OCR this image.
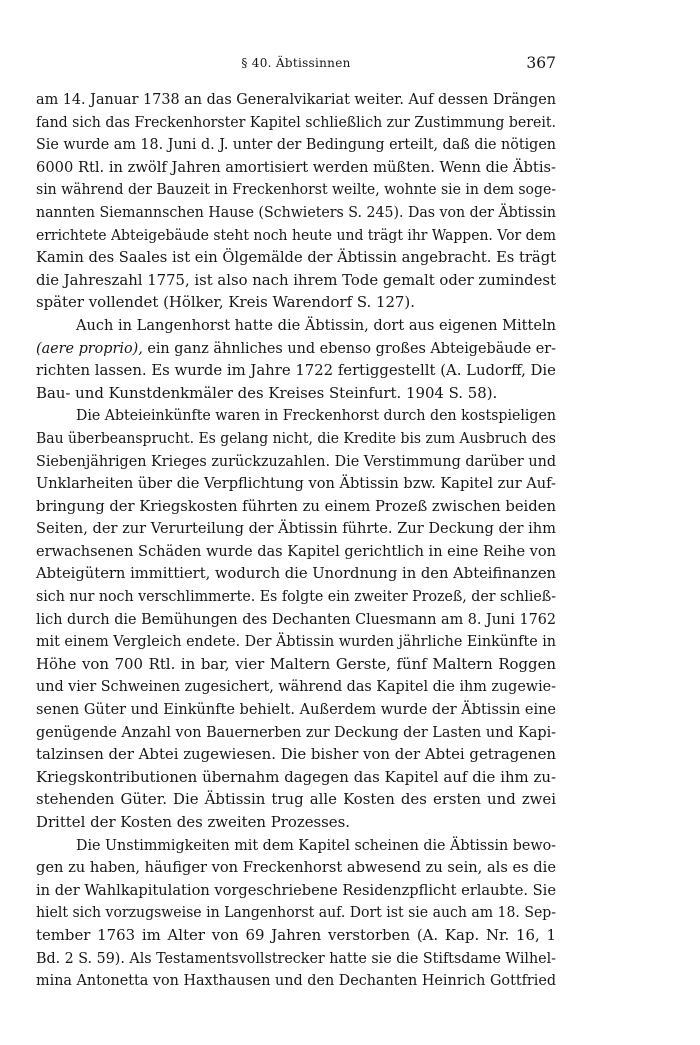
§ 40. Äbtissinnen	367
am 14. Januar 1738 an das Generalvikariat weiter. Auf dessen Drängen
fand sich das Freckenhorster Kapitel schließlich zur Zustimmung bereit.
Sie wurde am 18. Juni d. J. unter der Bedingung erteilt, daß die nötigen
6000 Rtl. in zwölf Jahren amortisiert werden müßten. Wenn die Äbtis-
sin während der Bauzeit in Freckenhorst weilte, wohnte sie in dem soge-
nannten Siemannschen Hause (Schwieters S. 245). Das von der Äbtissin
errichtete Abteigebäude steht noch heute und trägt ihr Wappen. Vor dem
Kamin des Saales ist ein Ölgemälde der Äbtissin angebracht. Es trägt
die Jahreszahl 1775, ist also nach ihrem Tode gemalt oder zumindest
später vollendet (Hölker, Kreis Warendorf S. 127).
Auch in Langenhorst hatte die Äbtissin, dort aus eigenen Mitteln
(aere proprio), ein ganz ähnliches und ebenso großes Abteigebäude er-
richten lassen. Es wurde im Jahre 1722 fertiggestellt (A. Ludorff, Die
Bau- und Kunstdenkmäler des Kreises Steinfurt. 1904 S. 58).
Die Abteieinkünfte waren in Freckenhorst durch den kostspieligen
Bau überbeansprucht. Es gelang nicht, die Kredite bis zum Ausbruch des
Siebenjährigen Krieges zurückzuzahlen. Die Verstimmung darüber und
Unklarheiten über die Verpflichtung von Äbtissin bzw. Kapitel zur Auf-
bringung der Kriegskosten führten zu einem Prozeß zwischen beiden
Seiten, der zur Verurteilung der Äbtissin führte. Zur Deckung der ihm
erwachsenen Schäden wurde das Kapitel gerichtlich in eine Reihe von
Abteigütern immittiert, wodurch die Unordnung in den Abteifinanzen
sich nur noch verschlimmerte. Es folgte ein zweiter Prozeß, der schließ-
lich durch die Bemühungen des Dechanten Cluesmann am 8. Juni 1762
mit einem Vergleich endete. Der Äbtissin wurden jährliche Einkünfte in
Höhe von 700 Rtl. in bar, vier Maltern Gerste, fünf Maltern Roggen
und vier Schweinen zugesichert, während das Kapitel die ihm zugewie-
senen Güter und Einkünfte behielt. Außerdem wurde der Äbtissin eine
genügende Anzahl von Bauernerben zur Deckung der Lasten und Kapi-
talzinsen der Abtei zugewiesen. Die bisher von der Abtei getragenen
Kriegskontributionen übernahm dagegen das Kapitel auf die ihm zu-
stehenden Güter. Die Äbtissin trug alle Kosten des ersten und zwei
Drittel der Kosten des zweiten Prozesses.
Die Unstimmigkeiten mit dem Kapitel scheinen die Äbtissin bewo-
gen zu haben, häufiger von Freckenhorst abwesend zu sein, als es die
in der Wahlkapitulation vorgeschriebene Residenzpflicht erlaubte. Sie
hielt sich vorzugsweise in Langenhorst auf. Dort ist sie auch am 18. Sep-
tember 1763 im Alter von 69 Jahren verstorben (A. Kap. Nr. 16, 1
Bd. 2 S. 59). Als Testamentsvollstrecker hatte sie die Stiftsdame Wilhel-
mina Antonetta von Haxthausen und den Dechanten Heinrich Gottfried
